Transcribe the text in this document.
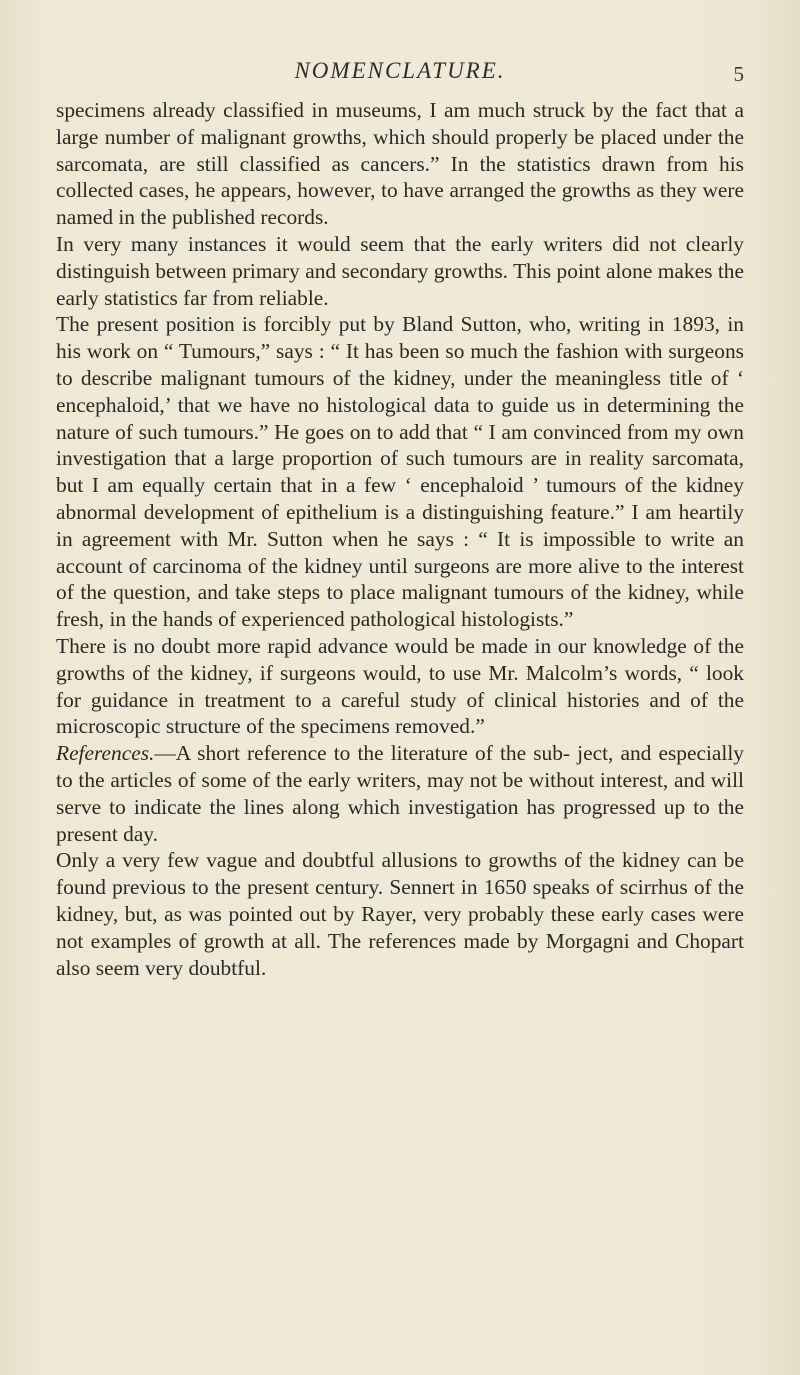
NOMENCLATURE.	5

specimens already classified in museums, I am much struck by the fact that a large number of malignant growths, which should properly be placed under the sarcomata, are still classified as cancers.” In the statistics drawn from his collected cases, he appears, however, to have arranged the growths as they were named in the published records.

In very many instances it would seem that the early writers did not clearly distinguish between primary and secondary growths. This point alone makes the early statistics far from reliable.

The present position is forcibly put by Bland Sutton, who, writing in 1893, in his work on “ Tumours,” says : “ It has been so much the fashion with surgeons to describe malignant tumours of the kidney, under the meaningless title of ‘ encephaloid,’ that we have no histological data to guide us in determining the nature of such tumours.” He goes on to add that “ I am convinced from my own investigation that a large proportion of such tumours are in reality sarcomata, but I am equally certain that in a few ‘ encephaloid ’ tumours of the kidney abnormal development of epithelium is a distinguishing feature.” I am heartily in agreement with Mr. Sutton when he says : “ It is impossible to write an account of carcinoma of the kidney until surgeons are more alive to the interest of the question, and take steps to place malignant tumours of the kidney, while fresh, in the hands of experienced pathological histologists.”

There is no doubt more rapid advance would be made in our knowledge of the growths of the kidney, if surgeons would, to use Mr. Malcolm’s words, “ look for guidance in treatment to a careful study of clinical histories and of the microscopic structure of the specimens removed.”

References.—A short reference to the literature of the sub- ject, and especially to the articles of some of the early writers, may not be without interest, and will serve to indicate the lines along which investigation has progressed up to the present day.

Only a very few vague and doubtful allusions to growths of the kidney can be found previous to the present century. Sennert in 1650 speaks of scirrhus of the kidney, but, as was pointed out by Rayer, very probably these early cases were not examples of growth at all. The references made by Morgagni and Chopart also seem very doubtful.
